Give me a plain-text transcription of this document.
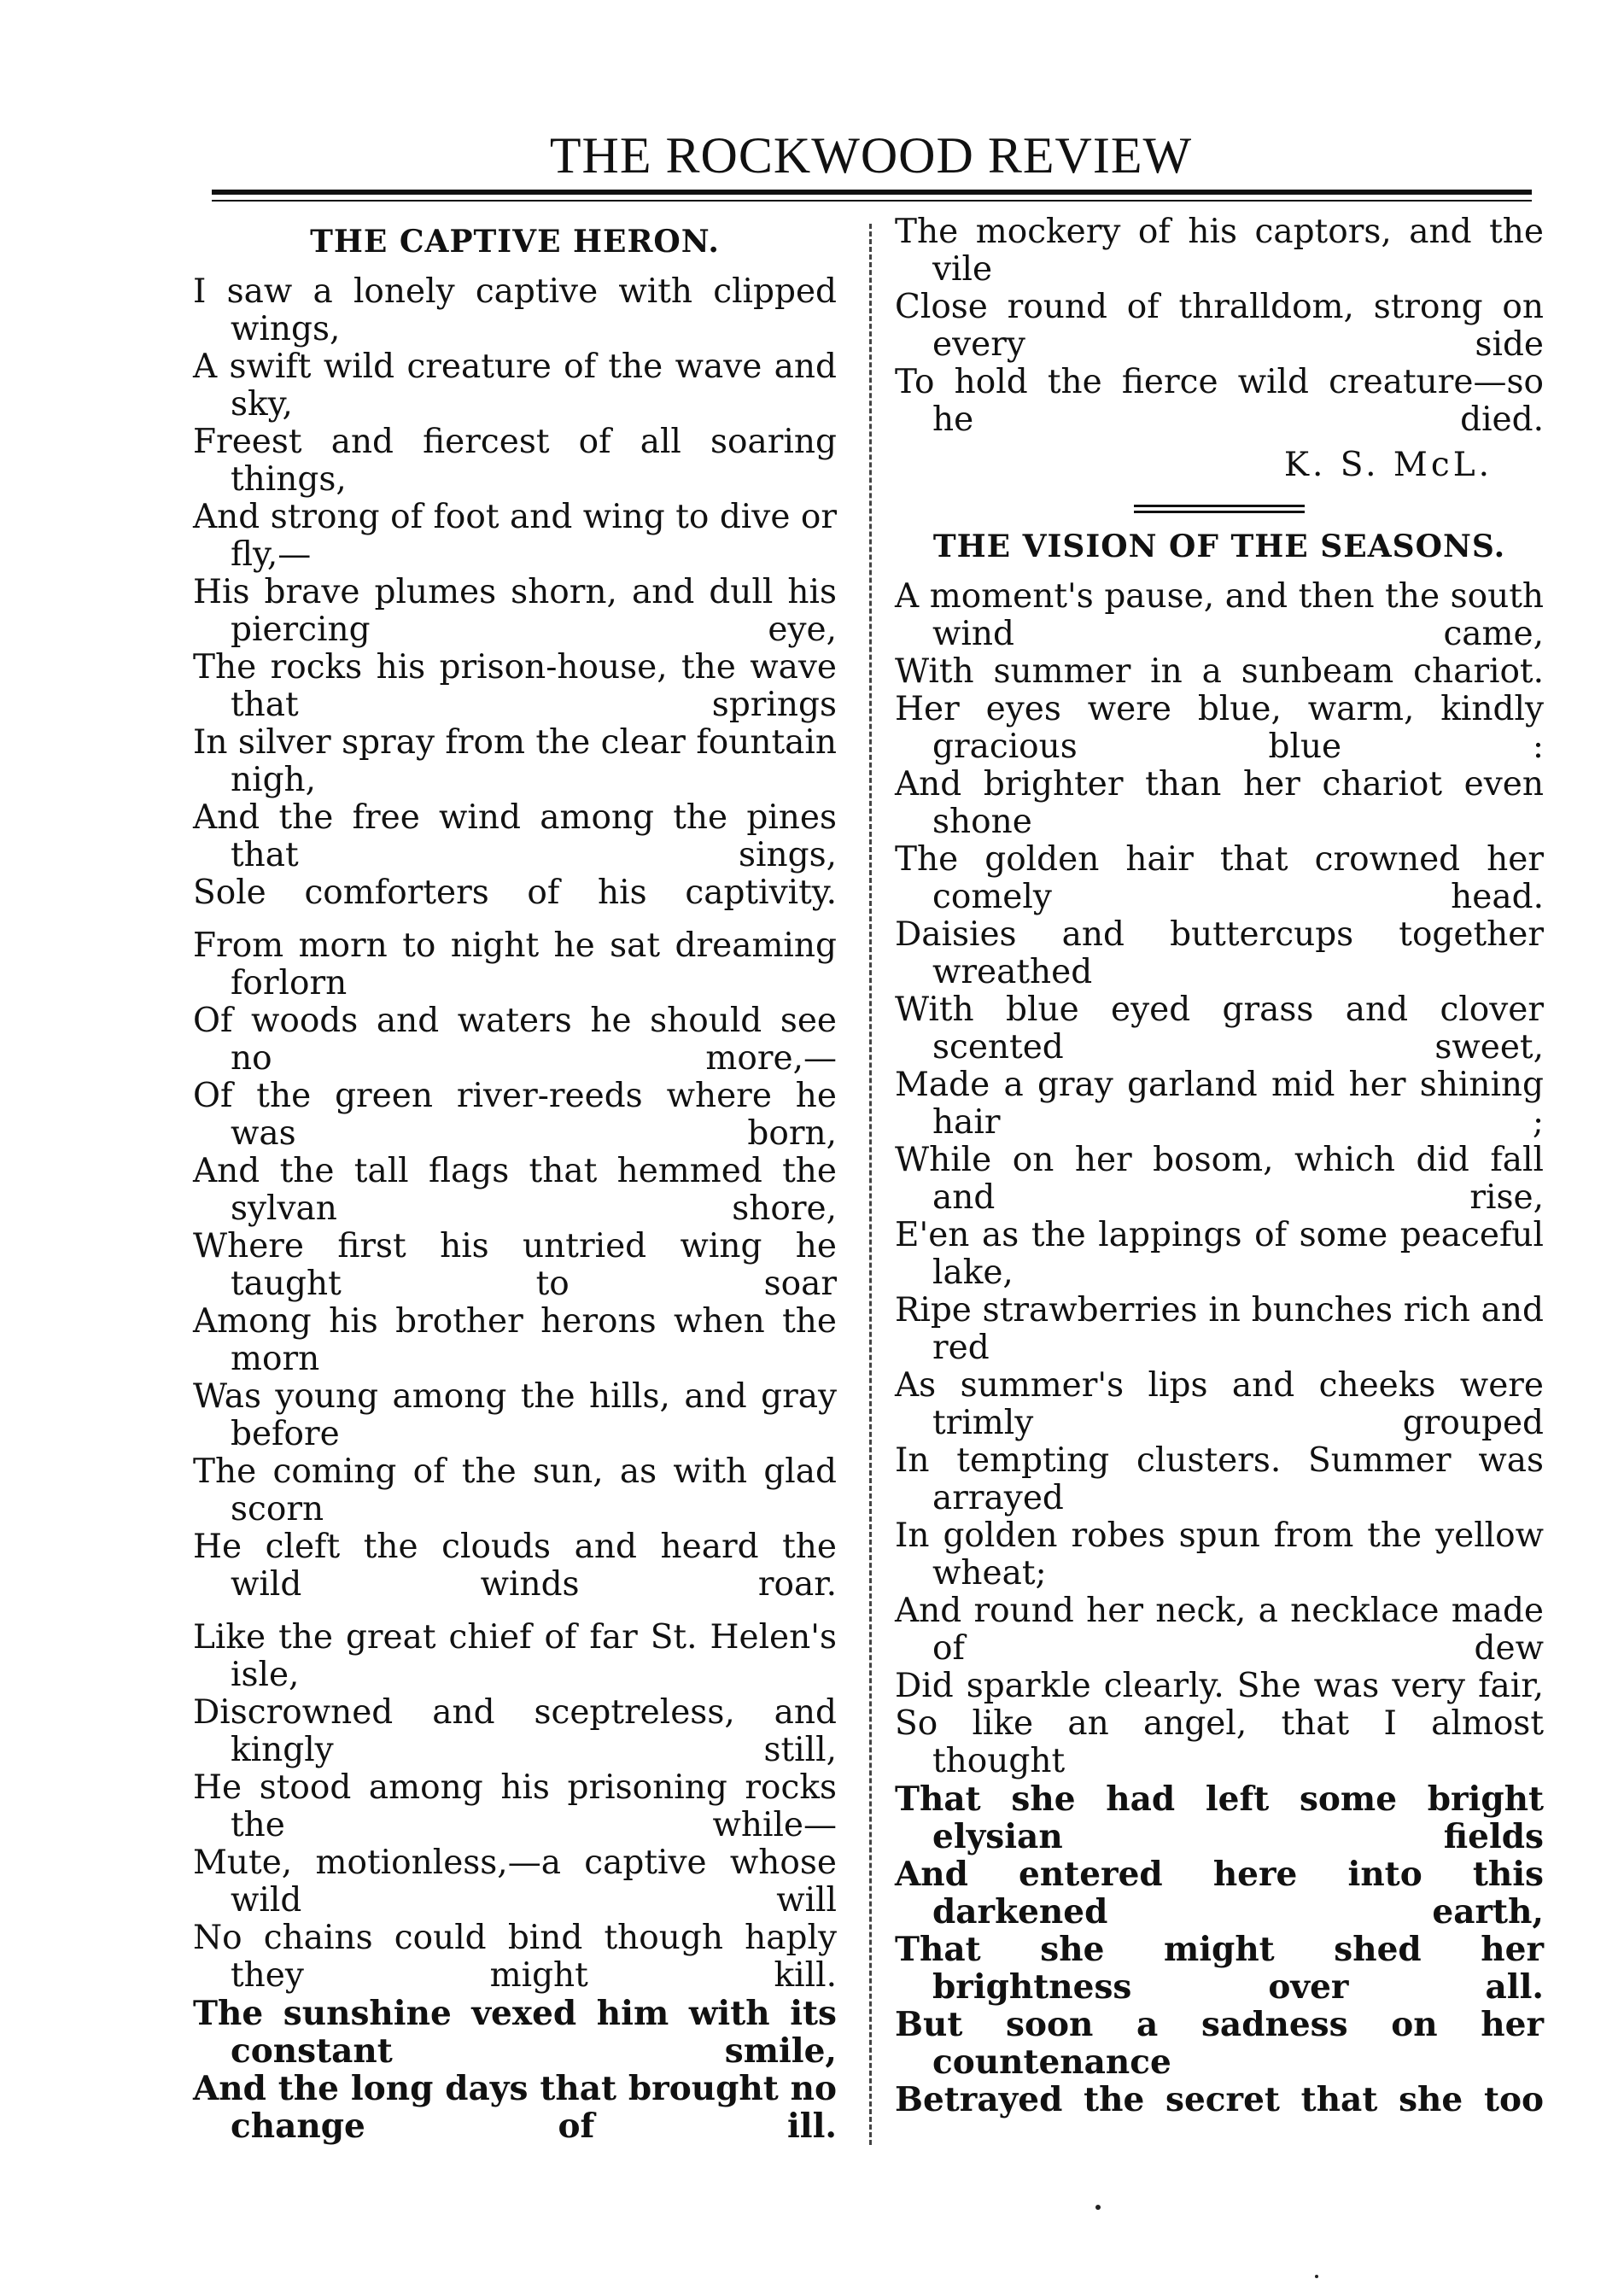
THE ROCKWOOD REVIEW
THE CAPTIVE HERON.
I saw a lonely captive with clipped wings,
A swift wild creature of the wave and sky,
Freest and fiercest of all soaring things,
And strong of foot and wing to dive or fly,—
His brave plumes shorn, and dull his piercing eye,
The rocks his prison-house, the wave that springs
In silver spray from the clear fountain nigh,
And the free wind among the pines that sings,
Sole comforters of his captivity.
From morn to night he sat dreaming forlorn
Of woods and waters he should see no more,—
Of the green river-reeds where he was born,
And the tall flags that hemmed the sylvan shore,
Where first his untried wing he taught to soar
Among his brother herons when the morn
Was young among the hills, and gray before
The coming of the sun, as with glad scorn
He cleft the clouds and heard the wild winds roar.
Like the great chief of far St. Helen's isle,
Discrowned and sceptreless, and kingly still,
He stood among his prisoning rocks the while—
Mute, motionless,—a captive whose wild will
No chains could bind though haply they might kill.
The sunshine vexed him with its constant smile,
And the long days that brought no change of ill.
The mockery of his captors, and the vile
Close round of thralldom, strong on every side
To hold the fierce wild creature—so he died.
K. S. McL.
THE VISION OF THE SEASONS.
A moment's pause, and then the south wind came,
With summer in a sunbeam chariot.
Her eyes were blue, warm, kindly gracious blue :
And brighter than her chariot even shone
The golden hair that crowned her comely head.
Daisies and buttercups together wreathed
With blue eyed grass and clover scented sweet,
Made a gray garland mid her shining hair ;
While on her bosom, which did fall and rise,
E'en as the lappings of some peaceful lake,
Ripe strawberries in bunches rich and red
As summer's lips and cheeks were trimly grouped
In tempting clusters. Summer was arrayed
In golden robes spun from the yellow wheat;
And round her neck, a necklace made of dew
Did sparkle clearly. She was very fair,
So like an angel, that I almost thought
That she had left some bright elysian fields
And entered here into this darkened earth,
That she might shed her brightness over all.
But soon a sadness on her countenance
Betrayed the secret that she too
